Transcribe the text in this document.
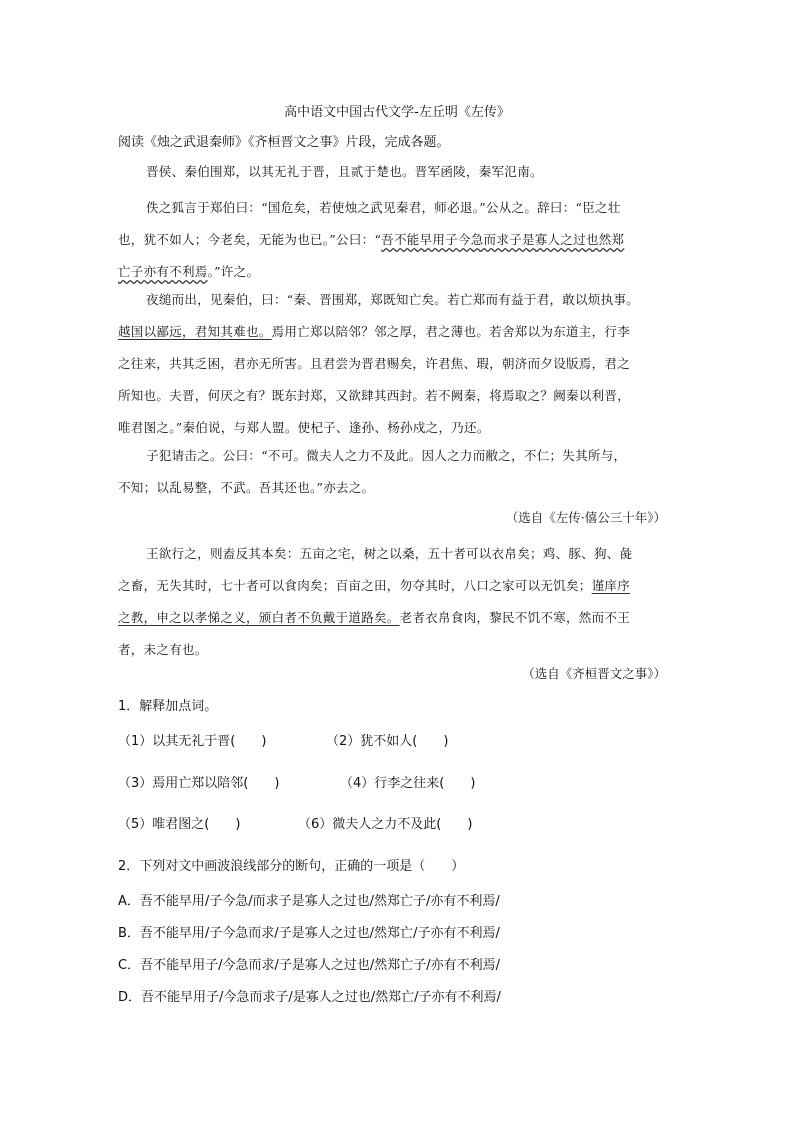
高中语文中国古代文学-左丘明《左传》
阅读《烛之武退秦师》《齐桓晋文之事》片段，完成各题。
晋侯、秦伯围郑，以其无礼于晋，且贰于楚也。晋军函陵，秦军氾南。
佚之狐言于郑伯曰：“国危矣，若使烛之武见秦君，师必退。”公从之。辞曰：“臣之壮
也，犹不如人；今老矣，无能为也已。”公曰：“吾不能早用子今急而求子是寡人之过也然郑
亡子亦有不利焉。”许之。
夜缒而出，见秦伯，曰：“秦、晋围郑，郑既知亡矣。若亡郑而有益于君，敢以烦执事。
越国以鄙远，君知其难也。焉用亡郑以陪邻？邻之厚，君之薄也。若舍郑以为东道主，行李
之往来，共其乏困，君亦无所害。且君尝为晋君赐矣，许君焦、瑕，朝济而夕设版焉，君之
所知也。夫晋，何厌之有？既东封郑，又欲肆其西封。若不阙秦，将焉取之？阙秦以利晋，
唯君图之。”秦伯说，与郑人盟。使杞子、逢孙、杨孙戍之，乃还。
子犯请击之。公曰：“不可。微夫人之力不及此。因人之力而敝之，不仁；失其所与，
不知；以乱易整，不武。吾其还也。”亦去之。
（选自《左传·僖公三十年》）
王欲行之，则盍反其本矣：五亩之宅，树之以桑，五十者可以衣帛矣；鸡、豚、狗、彘
之畜，无失其时，七十者可以食肉矣；百亩之田，勿夺其时，八口之家可以无饥矣；谨庠序
之教，申之以孝悌之义，颁白者不负戴于道路矣。老者衣帛食肉，黎民不饥不寒，然而不王
者，未之有也。
（选自《齐桓晋文之事》）
1．解释加点词。
（1）以其无礼于晋(　　)	（2）犹不如人(　　)
（3）焉用亡郑以陪邻(　　)	（4）行李之往来(　　)
（5）唯君图之(　　)	（6）微夫人之力不及此(　　)
2．下列对文中画波浪线部分的断句，正确的一项是（　　）
A．吾不能早用/子今急/而求子是寡人之过也/然郑亡子/亦有不利焉/
B．吾不能早用/子今急而求/子是寡人之过也/然郑亡/子亦有不利焉/
C．吾不能早用子/今急而求/子是寡人之过也/然郑亡子/亦有不利焉/
D．吾不能早用子/今急而求子/是寡人之过也/然郑亡/子亦有不利焉/
